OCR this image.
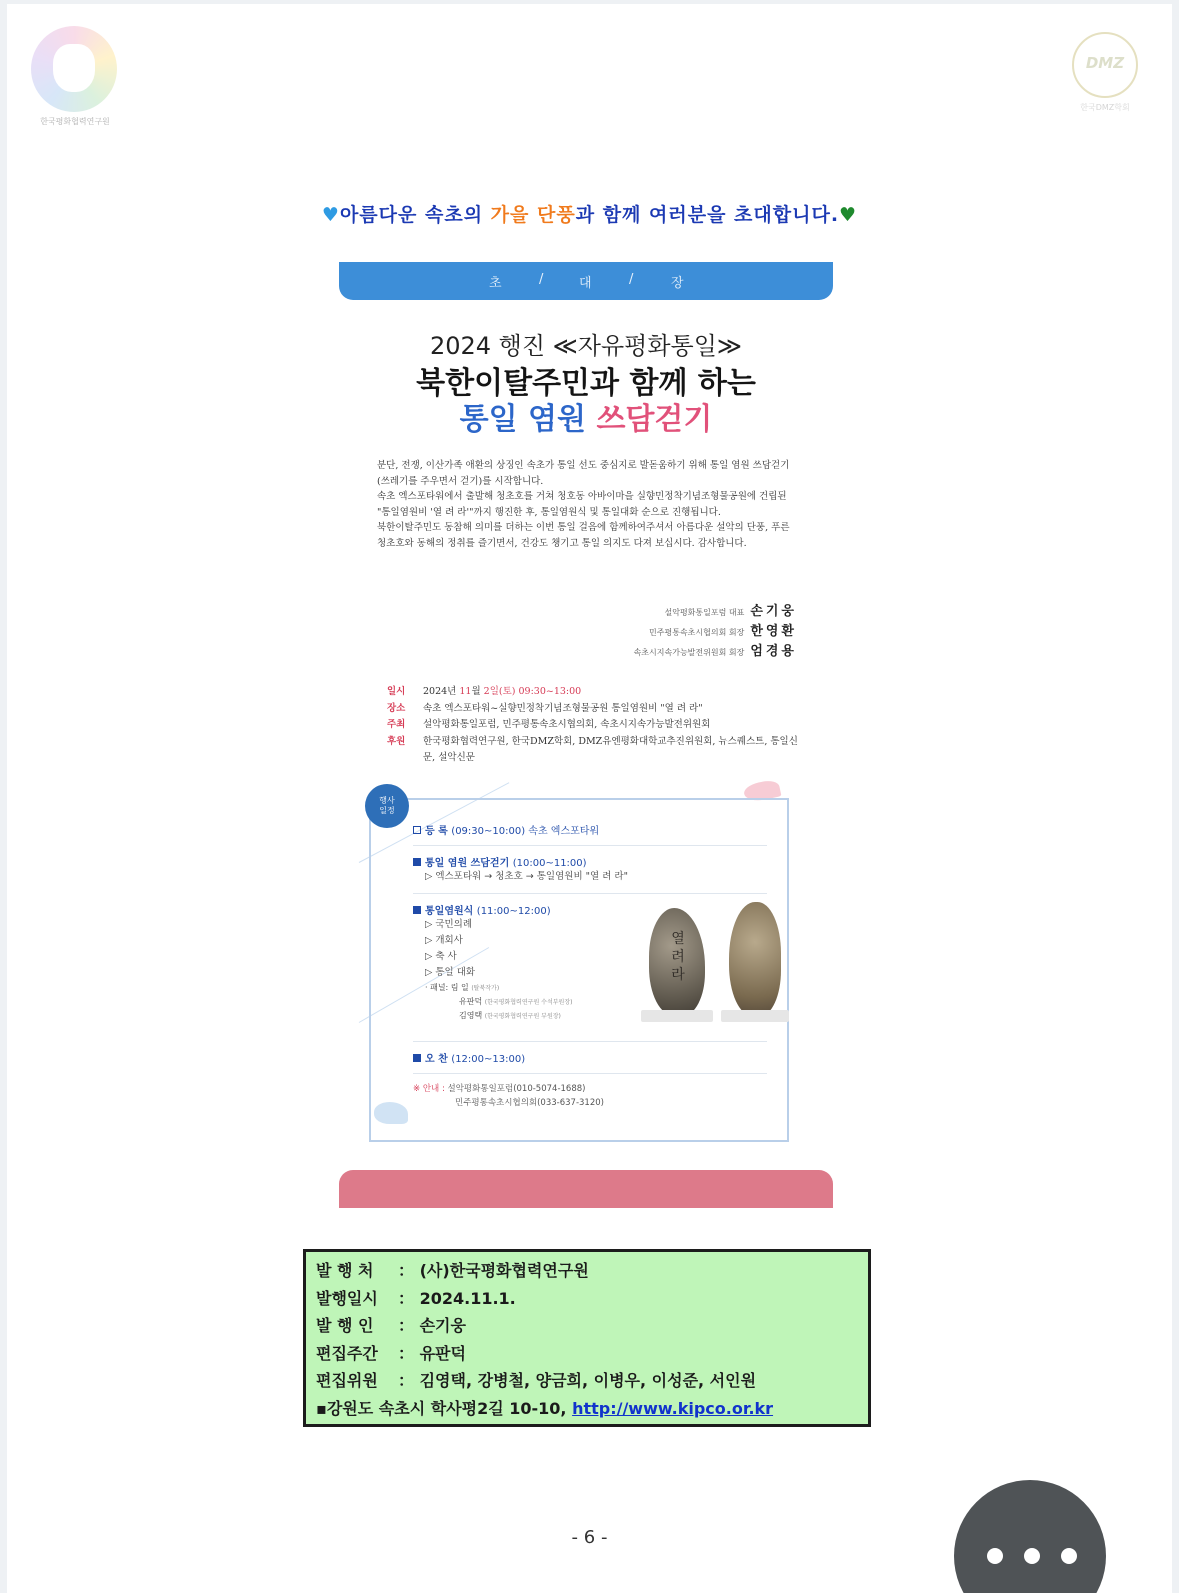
한국평화협력연구원
DMZ
한국DMZ학회
♥아름다운 속초의 가을 단풍과 함께 여러분을 초대합니다.♥
초	/	대	/	장
2024 행진 ≪자유평화통일≫
북한이탈주민과 함께 하는
통일 염원 쓰담걷기

분단, 전쟁, 이산가족 애환의 상징인 속초가 통일 선도 중심지로 발돋움하기 위해 통일 염원 쓰담걷기(쓰레기를 주우면서 걷기)를 시작합니다.

속초 엑스포타워에서 출발해 청초호를 거쳐 청호동 아바이마을 실향민정착기념조형물공원에 건립된 "통일염원비 '열 려 라'"까지 행진한 후, 통일염원식 및 통일대화 순으로 진행됩니다.

북한이탈주민도 동참해 의미를 더하는 이번 통일 걸음에 함께하여주셔서 아름다운 설악의 단풍, 푸른 청초호와 동해의 정취를 즐기면서, 건강도 챙기고 통일 의지도 다져 보십시다. 감사합니다.

설악평화통일포럼 대표 손기웅
민주평통속초시협의회 회장 한영환
속초시지속가능발전위원회 회장 엄경용
일시	2024년 11월 2일(토) 09:30~13:00
장소	속초 엑스포타워~실향민정착기념조형물공원 통일염원비 "열 려 라"
주최	설악평화통일포럼, 민주평통속초시협의회, 속초시지속가능발전위원회
후원	한국평화협력연구원, 한국DMZ학회, DMZ유엔평화대학교추진위원회, 뉴스퀘스트, 통일신문, 설악신문
행사
일정
등 록 (09:30~10:00) 속초 엑스포타워
통일 염원 쓰담걷기 (10:00~11:00)
▷ 엑스포타워 → 청초호 → 통일염원비 "열 려 라"
통일염원식 (11:00~12:00)
▷ 국민의례
▷ 개회사
▷ 축 사
▷ 통일 대화
· 패널: 림 일 (탈북작가)
유판덕 (한국평화협력연구원 수석부원장)
김영택 (한국평화협력연구원 부원장)
오 찬 (12:00~13:00)
※ 안내 : 설악평화통일포럼(010-5074-1688)
민주평통속초시협의회(033-637-3120)
열려라
발 행 처 ： (사)한국평화협력연구원
발행일시 ： 2024.11.1.
발 행 인 ： 손기웅
편집주간 ： 유판덕
편집위원 ： 김영택, 강병철, 양금희, 이병우, 이성준, 서인원
▪강원도 속초시 학사평2길 10-10, http://www.kipco.or.kr
- 6 -
